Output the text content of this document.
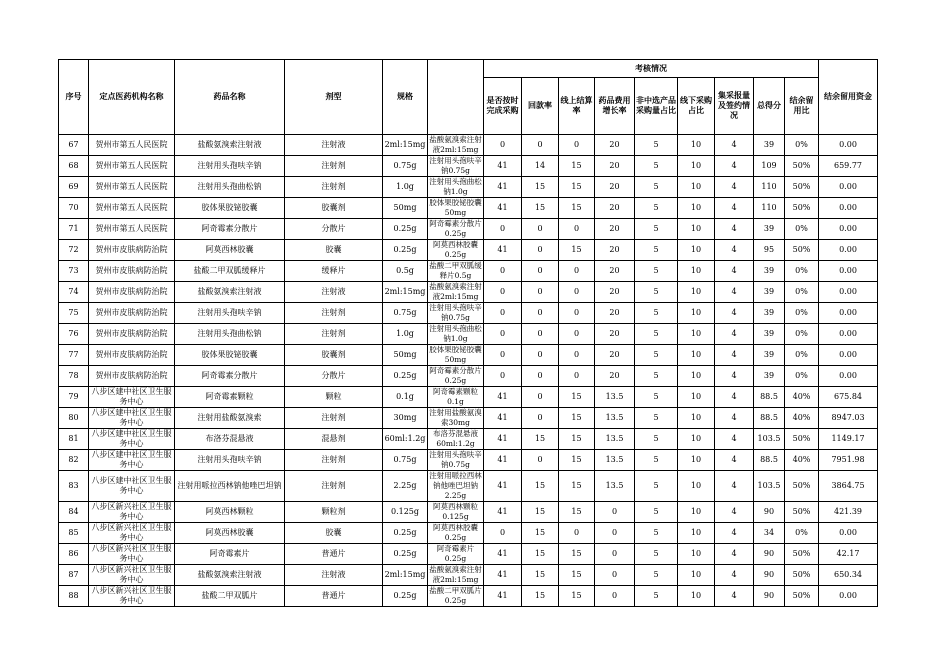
序号	定点医药机构名称	药品名称	剂型	规格		考核情况									结余留用资金
						是否按时完成采购	回款率	线上结算率	药品费用增长率	非中选产品采购量占比	线下采购占比	集采报量及签约情况	总得分	结余留用比	
67	贺州市第五人民医院	盐酸氨溴索注射液	注射液	2ml:15mg	盐酸氨溴索注射液2ml:15mg	0	0	0	20	5	10	4	39	0%	0.00
68	贺州市第五人民医院	注射用头孢呋辛钠	注射剂	0.75g	注射用头孢呋辛钠0.75g	41	14	15	20	5	10	4	109	50%	659.77
69	贺州市第五人民医院	注射用头孢曲松钠	注射剂	1.0g	注射用头孢曲松钠1.0g	41	15	15	20	5	10	4	110	50%	0.00
70	贺州市第五人民医院	胶体果胶铋胶囊	胶囊剂	50mg	胶体果胶铋胶囊50mg	41	15	15	20	5	10	4	110	50%	0.00
71	贺州市第五人民医院	阿奇霉素分散片	分散片	0.25g	阿奇霉素分散片0.25g	0	0	0	20	5	10	4	39	0%	0.00
72	贺州市皮肤病防治院	阿莫西林胶囊	胶囊	0.25g	阿莫西林胶囊0.25g	41	0	15	20	5	10	4	95	50%	0.00
73	贺州市皮肤病防治院	盐酸二甲双胍缓释片	缓释片	0.5g	盐酸二甲双胍缓释片0.5g	0	0	0	20	5	10	4	39	0%	0.00
74	贺州市皮肤病防治院	盐酸氨溴索注射液	注射液	2ml:15mg	盐酸氨溴索注射液2ml:15mg	0	0	0	20	5	10	4	39	0%	0.00
75	贺州市皮肤病防治院	注射用头孢呋辛钠	注射剂	0.75g	注射用头孢呋辛钠0.75g	0	0	0	20	5	10	4	39	0%	0.00
76	贺州市皮肤病防治院	注射用头孢曲松钠	注射剂	1.0g	注射用头孢曲松钠1.0g	0	0	0	20	5	10	4	39	0%	0.00
77	贺州市皮肤病防治院	胶体果胶铋胶囊	胶囊剂	50mg	胶体果胶铋胶囊50mg	0	0	0	20	5	10	4	39	0%	0.00
78	贺州市皮肤病防治院	阿奇霉素分散片	分散片	0.25g	阿奇霉素分散片0.25g	0	0	0	20	5	10	4	39	0%	0.00
79	八步区建中社区卫生服务中心	阿奇霉素颗粒	颗粒	0.1g	阿奇霉素颗粒0.1g	41	0	15	13.5	5	10	4	88.5	40%	675.84
80	八步区建中社区卫生服务中心	注射用盐酸氨溴索	注射剂	30mg	注射用盐酸氨溴索30mg	41	0	15	13.5	5	10	4	88.5	40%	8947.03
81	八步区建中社区卫生服务中心	布洛芬混悬液	混悬剂	60ml:1.2g	布洛芬混悬液60ml:1.2g	41	15	15	13.5	5	10	4	103.5	50%	1149.17
82	八步区建中社区卫生服务中心	注射用头孢呋辛钠	注射剂	0.75g	注射用头孢呋辛钠0.75g	41	0	15	13.5	5	10	4	88.5	40%	7951.98
83	八步区建中社区卫生服务中心	注射用哌拉西林钠他唑巴坦钠	注射剂	2.25g	注射用哌拉西林钠他唑巴坦钠2.25g	41	15	15	13.5	5	10	4	103.5	50%	3864.75
84	八步区新兴社区卫生服务中心	阿莫西林颗粒	颗粒剂	0.125g	阿莫西林颗粒0.125g	41	15	15	0	5	10	4	90	50%	421.39
85	八步区新兴社区卫生服务中心	阿莫西林胶囊	胶囊	0.25g	阿莫西林胶囊0.25g	0	15	0	0	5	10	4	34	0%	0.00
86	八步区新兴社区卫生服务中心	阿奇霉素片	普通片	0.25g	阿奇霉素片0.25g	41	15	15	0	5	10	4	90	50%	42.17
87	八步区新兴社区卫生服务中心	盐酸氨溴索注射液	注射液	2ml:15mg	盐酸氨溴索注射液2ml:15mg	41	15	15	0	5	10	4	90	50%	650.34
88	八步区新兴社区卫生服务中心	盐酸二甲双胍片	普通片	0.25g	盐酸二甲双胍片0.25g	41	15	15	0	5	10	4	90	50%	0.00
